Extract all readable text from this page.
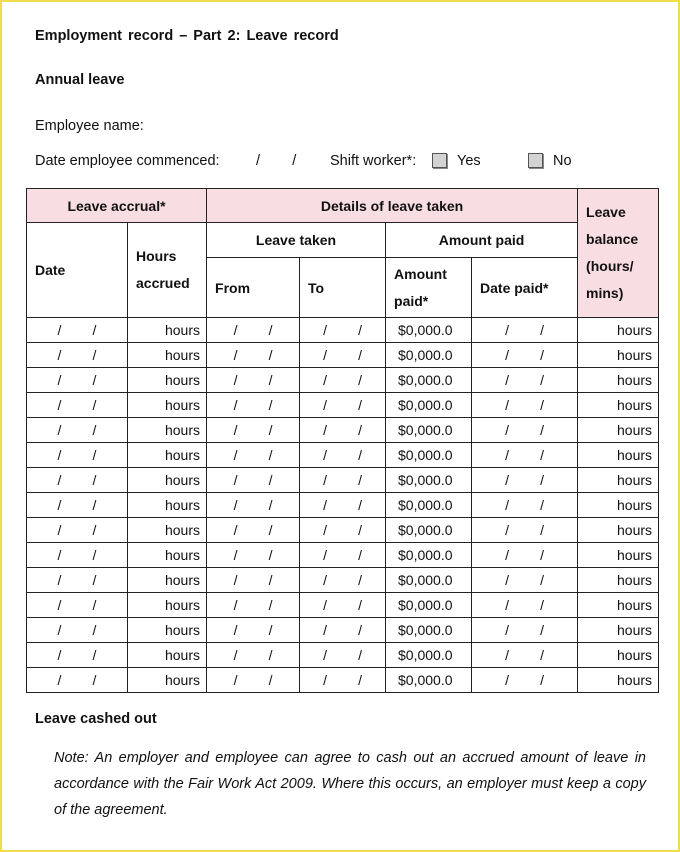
Employment record – Part 2: Leave record
Annual leave
Employee name:
Date employee commenced:	/        / Shift worker*:	Yes	No
Leave accrual*		Details of leave taken				Leave balance (hours/ mins)

Date	Hours accrued	Leave taken		Amount paid		
		From	To	Amount paid*	Date paid*	
/        /	hours	/        /	/        /	$0,000.0	/        /	hours
/        /	hours	/        /	/        /	$0,000.0	/        /	hours
/        /	hours	/        /	/        /	$0,000.0	/        /	hours
/        /	hours	/        /	/        /	$0,000.0	/        /	hours
/        /	hours	/        /	/        /	$0,000.0	/        /	hours
/        /	hours	/        /	/        /	$0,000.0	/        /	hours
/        /	hours	/        /	/        /	$0,000.0	/        /	hours
/        /	hours	/        /	/        /	$0,000.0	/        /	hours
/        /	hours	/        /	/        /	$0,000.0	/        /	hours
/        /	hours	/        /	/        /	$0,000.0	/        /	hours
/        /	hours	/        /	/        /	$0,000.0	/        /	hours
/        /	hours	/        /	/        /	$0,000.0	/        /	hours
/        /	hours	/        /	/        /	$0,000.0	/        /	hours
/        /	hours	/        /	/        /	$0,000.0	/        /	hours
/        /	hours	/        /	/        /	$0,000.0	/        /	hours
Leave cashed out
Note: An employer and employee can agree to cash out an accrued amount of leave in accordance with the Fair Work Act 2009. Where this occurs, an employer must keep a copy of the agreement.
